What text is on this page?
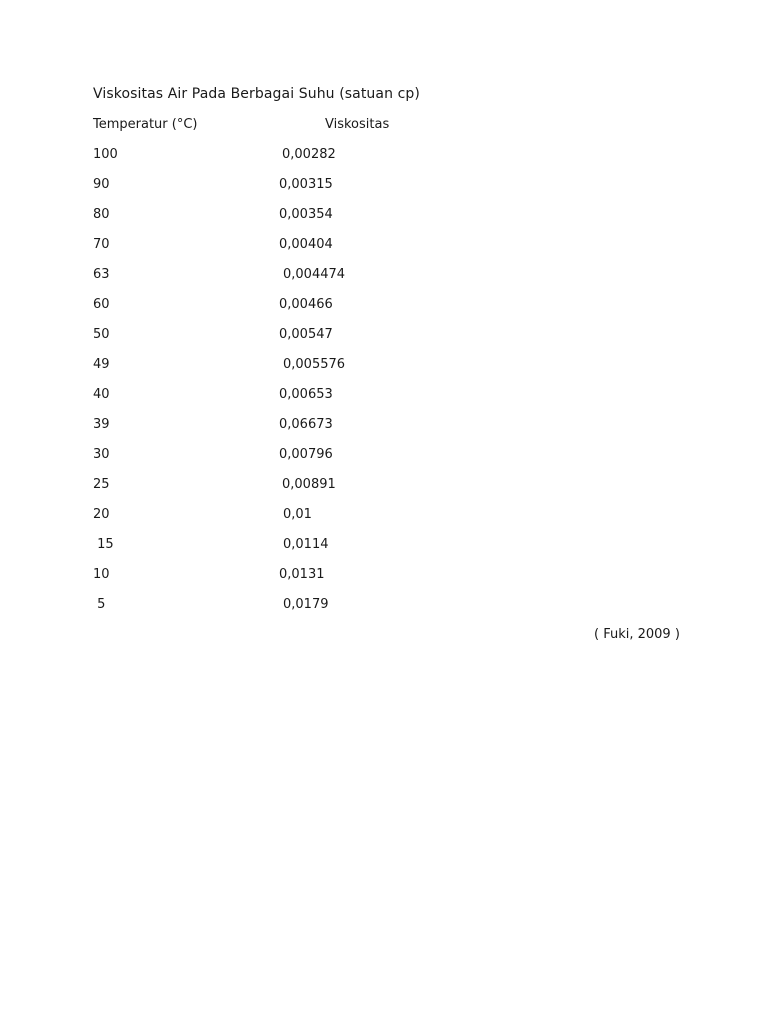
Viskositas Air Pada Berbagai Suhu (satuan cp)
Temperatur (°C)	Viskositas
100	0,00282
90	0,00315
80	0,00354
70	0,00404
63	0,004474
60	0,00466
50	0,00547
49	0,005576
40	0,00653
39	0,06673
30	0,00796
25	0,00891
20	0,01
15	0,0114
10	0,0131
5	0,0179
( Fuki, 2009 )
